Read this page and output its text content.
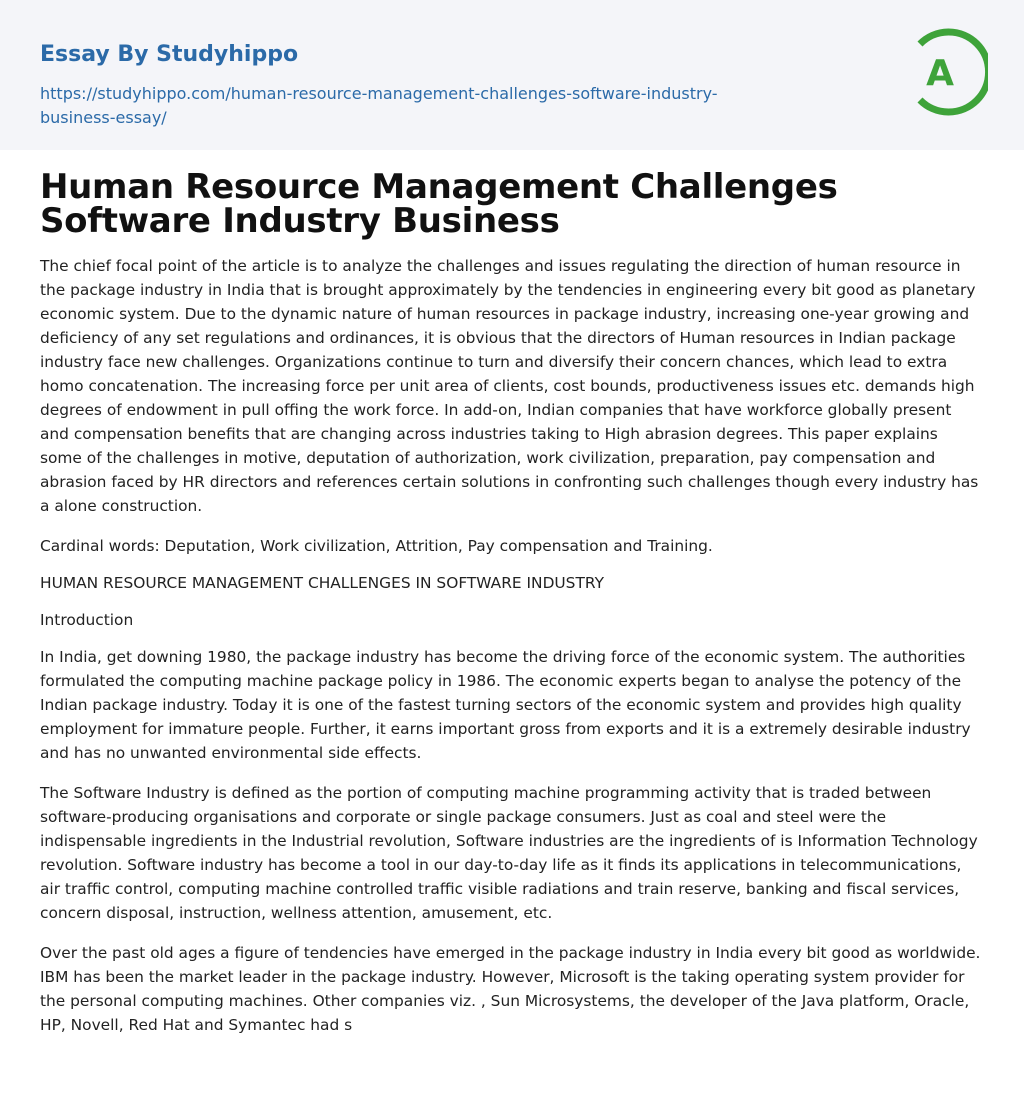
Essay By Studyhippo
https://studyhippo.com/human-resource-management-challenges-software-industry-business-essay/
A
Human Resource Management Challenges Software Industry Business

The chief focal point of the article is to analyze the challenges and issues regulating the direction of human resource in the package industry in India that is brought approximately by the tendencies in engineering every bit good as planetary economic system. Due to the dynamic nature of human resources in package industry, increasing one-year growing and deficiency of any set regulations and ordinances, it is obvious that the directors of Human resources in Indian package industry face new challenges. Organizations continue to turn and diversify their concern chances, which lead to extra homo concatenation. The increasing force per unit area of clients, cost bounds, productiveness issues etc. demands high degrees of endowment in pull offing the work force. In add-on, Indian companies that have workforce globally present and compensation benefits that are changing across industries taking to High abrasion degrees. This paper explains some of the challenges in motive, deputation of authorization, work civilization, preparation, pay compensation and abrasion faced by HR directors and references certain solutions in confronting such challenges though every industry has a alone construction.

Cardinal words: Deputation, Work civilization, Attrition, Pay compensation and Training.

HUMAN RESOURCE MANAGEMENT CHALLENGES IN SOFTWARE INDUSTRY

Introduction

In India, get downing 1980, the package industry has become the driving force of the economic system. The authorities formulated the computing machine package policy in 1986. The economic experts began to analyse the potency of the Indian package industry. Today it is one of the fastest turning sectors of the economic system and provides high quality employment for immature people. Further, it earns important gross from exports and it is a extremely desirable industry and has no unwanted environmental side effects.

The Software Industry is defined as the portion of computing machine programming activity that is traded between software-producing organisations and corporate or single package consumers. Just as coal and steel were the indispensable ingredients in the Industrial revolution, Software industries are the ingredients of is Information Technology revolution. Software industry has become a tool in our day-to-day life as it finds its applications in telecommunications, air traffic control, computing machine controlled traffic visible radiations and train reserve, banking and fiscal services, concern disposal, instruction, wellness attention, amusement, etc.

Over the past old ages a figure of tendencies have emerged in the package industry in India every bit good as worldwide. IBM has been the market leader in the package industry. However, Microsoft is the taking operating system provider for the personal computing machines. Other companies viz. , Sun Microsystems, the developer of the Java platform, Oracle, HP, Novell, Red Hat and Symantec had s
